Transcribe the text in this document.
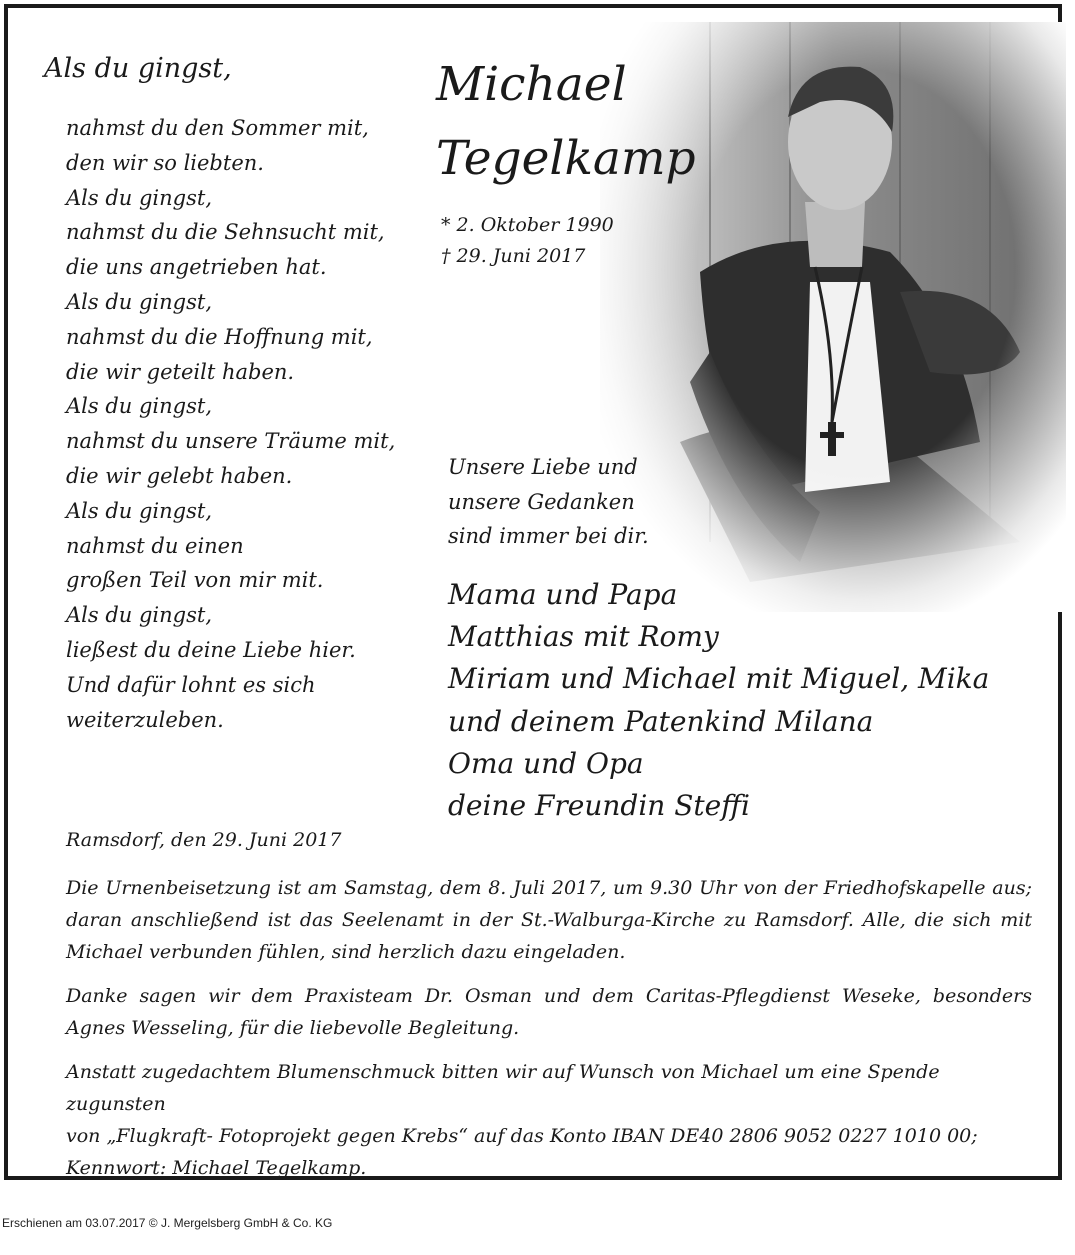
Als du gingst,
nahmst du den Sommer mit,
den wir so liebten.
Als du gingst,
nahmst du die Sehnsucht mit,
die uns angetrieben hat.
Als du gingst,
nahmst du die Hoffnung mit,
die wir geteilt haben.
Als du gingst,
nahmst du unsere Träume mit,
die wir gelebt haben.
Als du gingst,
nahmst du einen
großen Teil von mir mit.
Als du gingst,
ließest du deine Liebe hier.
Und dafür lohnt es sich
weiterzuleben.
Michael
Tegelkamp
* 2. Oktober 1990
† 29. Juni 2017
Unsere Liebe und
unsere Gedanken
sind immer bei dir.
Mama und Papa
Matthias mit Romy
Miriam und Michael mit Miguel, Mika
und deinem Patenkind Milana
Oma und Opa
deine Freundin Steffi
Ramsdorf, den 29. Juni 2017

Die Urnenbeisetzung ist am Samstag, dem 8. Juli 2017, um 9.30 Uhr von der Friedhofskapelle aus; daran anschließend ist das Seelenamt in der St.-Walburga-Kirche zu Ramsdorf. Alle, die sich mit Michael verbunden fühlen, sind herzlich dazu eingeladen.

Danke sagen wir dem Praxisteam Dr. Osman und dem Caritas-Pflegdienst Weseke, besonders Agnes Wesseling, für die liebevolle Begleitung.

Anstatt zugedachtem Blumenschmuck bitten wir auf Wunsch von Michael um eine Spende zugunsten
von „Flugkraft- Fotoprojekt gegen Krebs“ auf das Konto IBAN DE40 2806 9052 0227 1010 00;
Kennwort: Michael Tegelkamp.

Erschienen am 03.07.2017 © J. Mergelsberg GmbH & Co. KG
